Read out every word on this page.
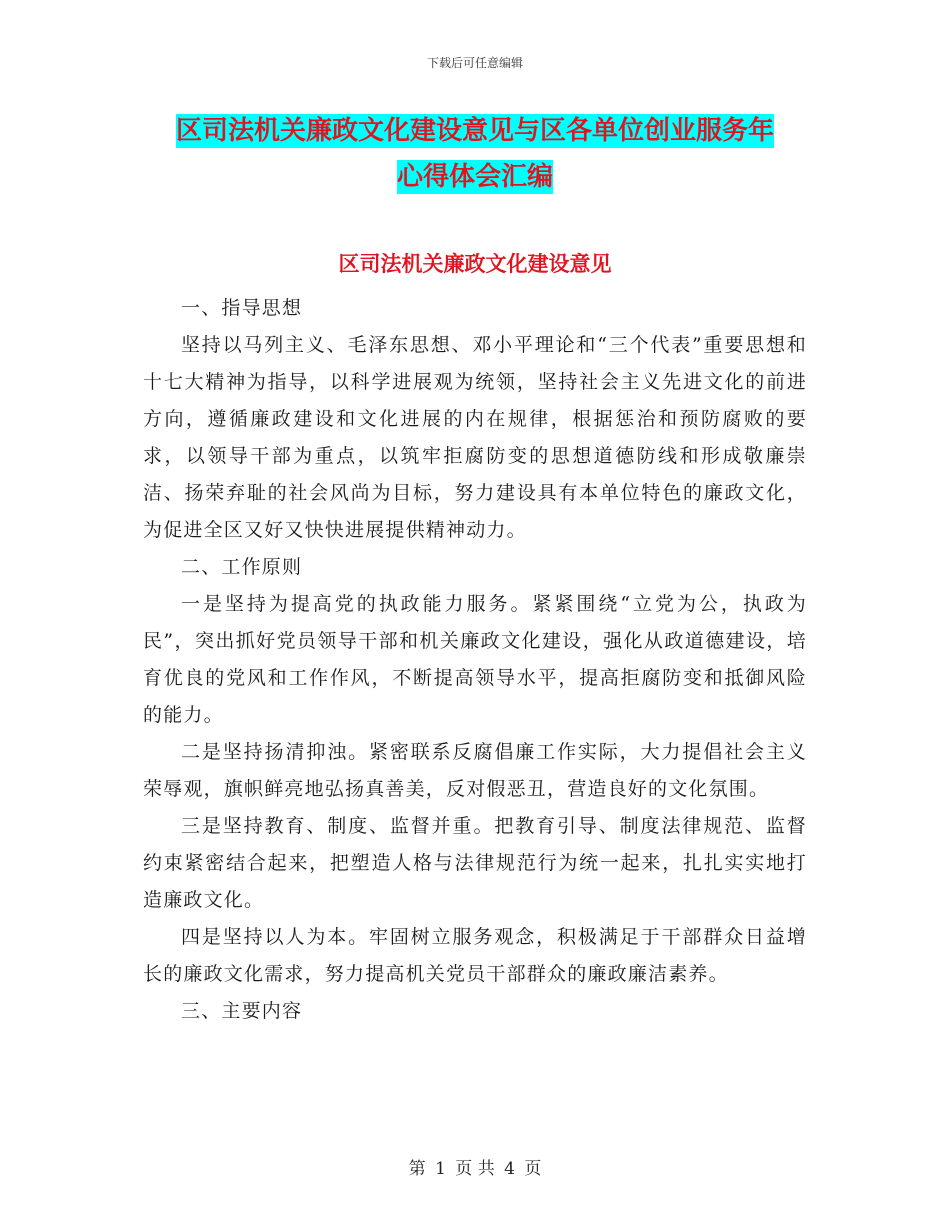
下载后可任意编辑
区司法机关廉政文化建设意见与区各单位创业服务年
心得体会汇编
区司法机关廉政文化建设意见

一、指导思想

坚持以马列主义、毛泽东思想、邓小平理论和“三个代表”重要思想和十七大精神为指导，以科学进展观为统领，坚持社会主义先进文化的前进方向，遵循廉政建设和文化进展的内在规律，根据惩治和预防腐败的要求，以领导干部为重点，以筑牢拒腐防变的思想道德防线和形成敬廉崇洁、扬荣弃耻的社会风尚为目标，努力建设具有本单位特色的廉政文化，为促进全区又好又快快进展提供精神动力。

二、工作原则

一是坚持为提高党的执政能力服务。紧紧围绕“立党为公，执政为民”，突出抓好党员领导干部和机关廉政文化建设，强化从政道德建设，培育优良的党风和工作作风，不断提高领导水平，提高拒腐防变和抵御风险的能力。

二是坚持扬清抑浊。紧密联系反腐倡廉工作实际，大力提倡社会主义荣辱观，旗帜鲜亮地弘扬真善美，反对假恶丑，营造良好的文化氛围。

三是坚持教育、制度、监督并重。把教育引导、制度法律规范、监督约束紧密结合起来，把塑造人格与法律规范行为统一起来，扎扎实实地打造廉政文化。

四是坚持以人为本。牢固树立服务观念，积极满足于干部群众日益增长的廉政文化需求，努力提高机关党员干部群众的廉政廉洁素养。

三、主要内容

第 1 页 共 4 页
